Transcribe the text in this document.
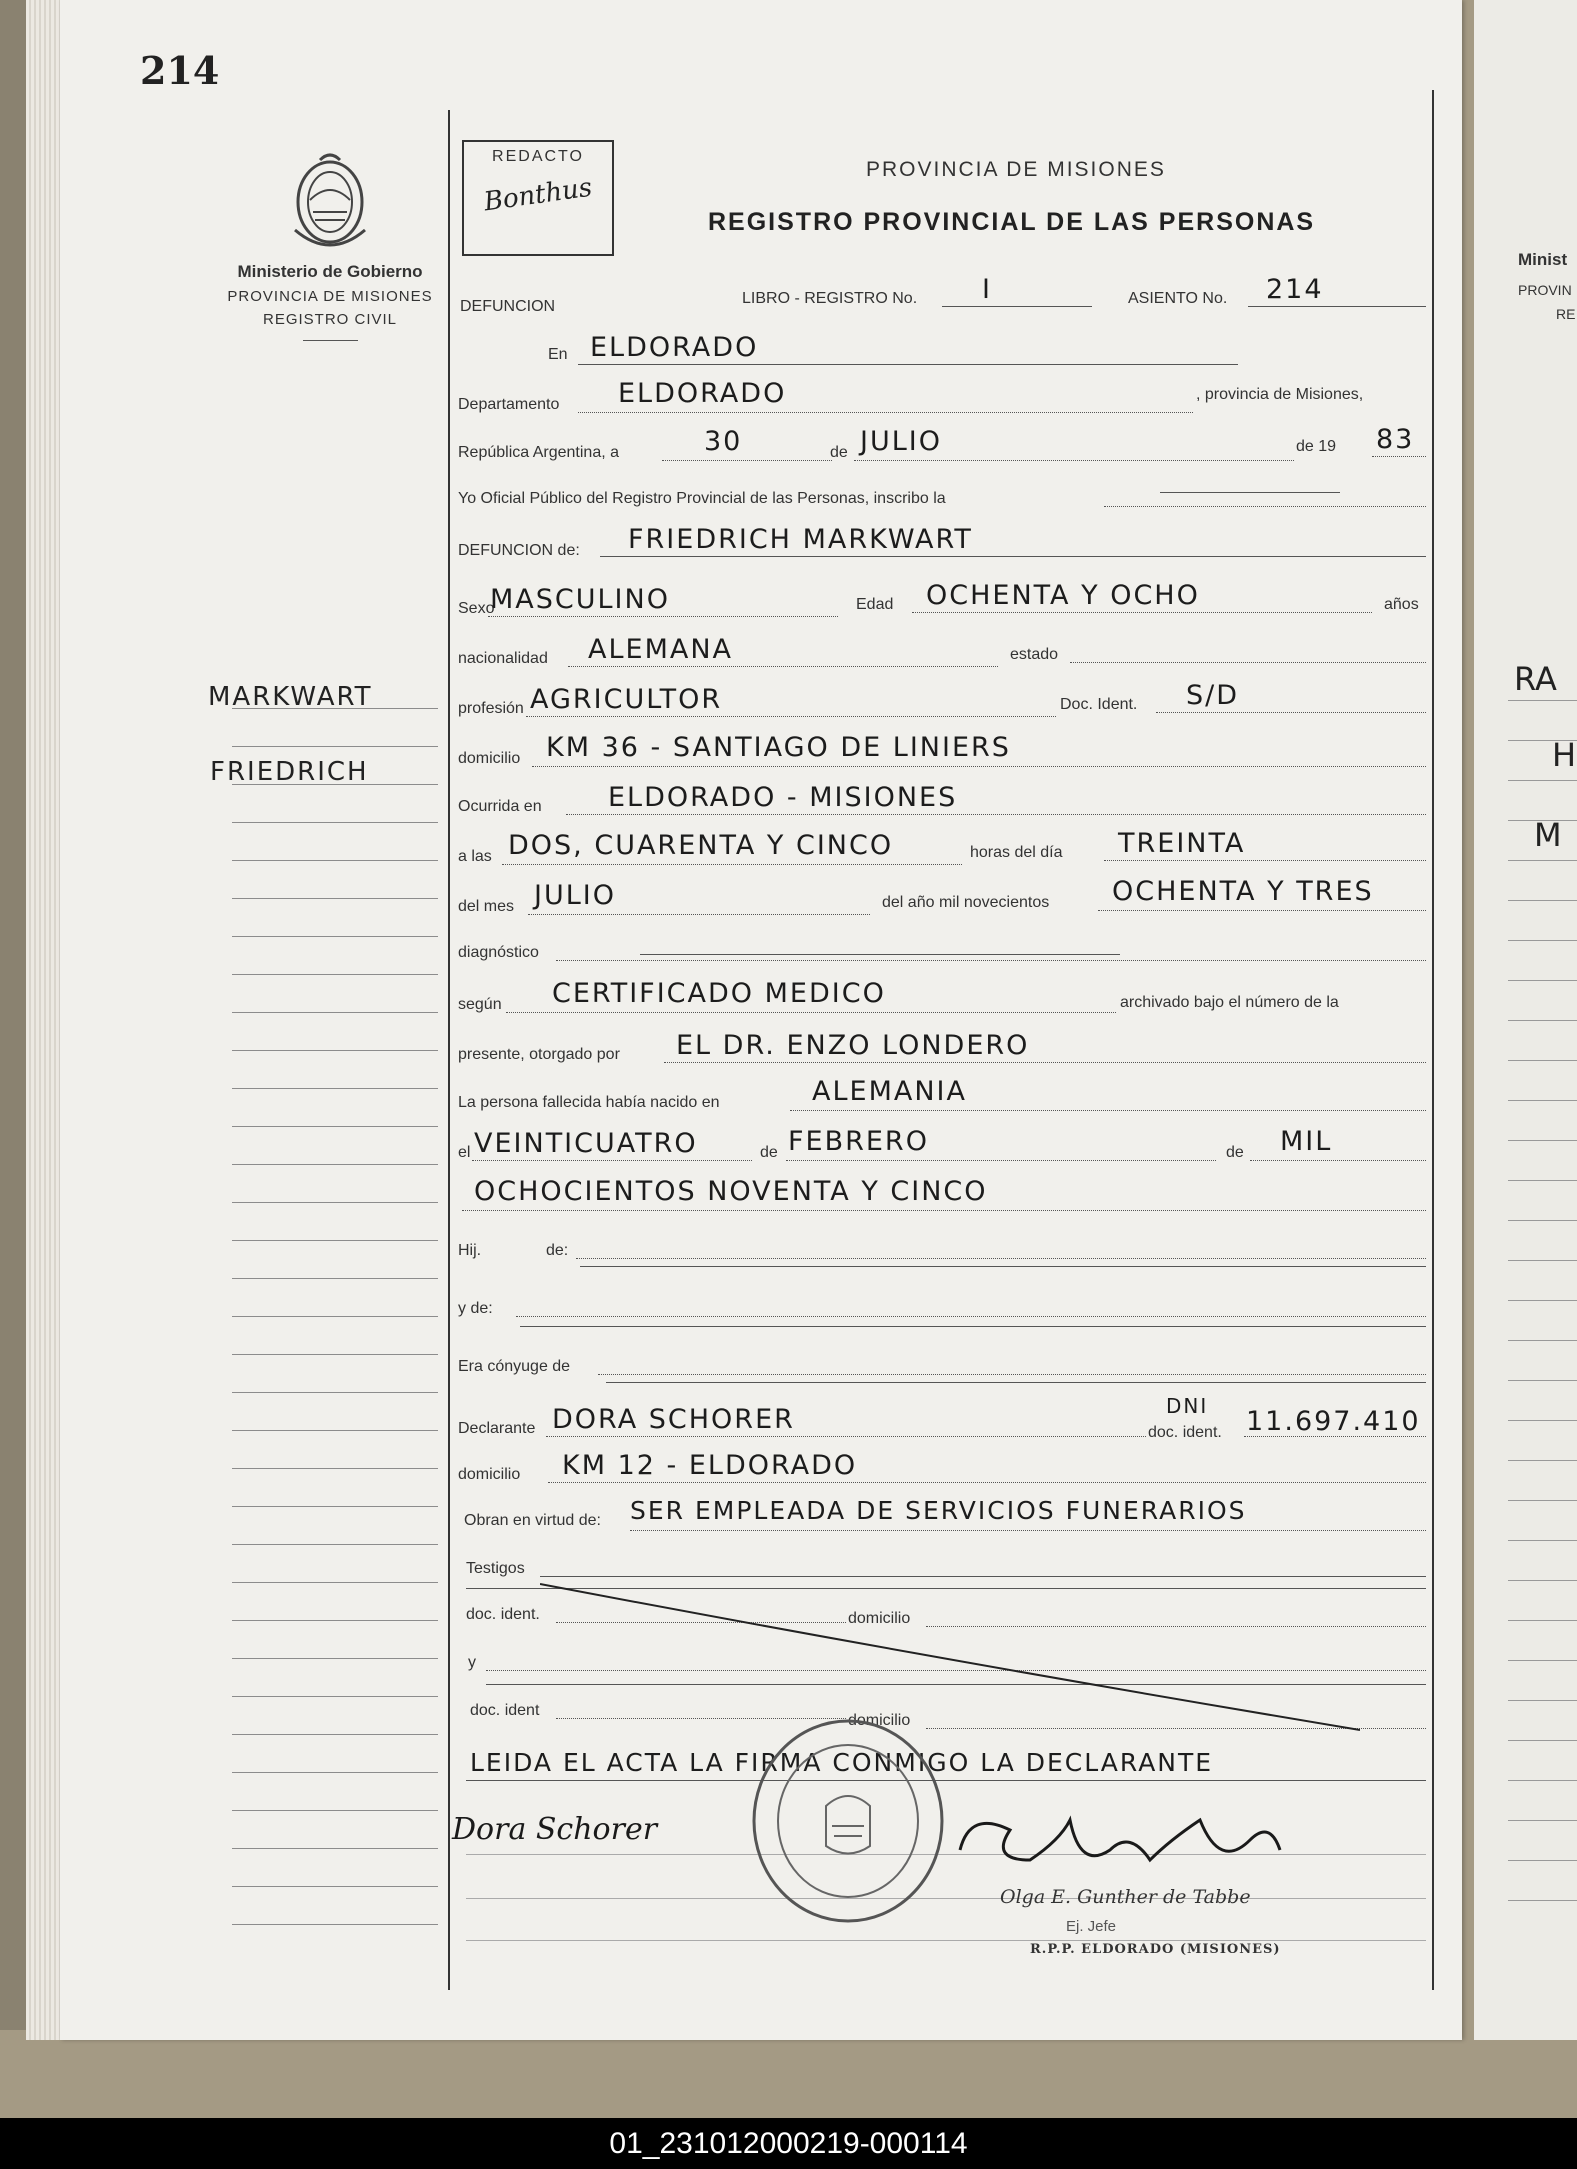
214
Ministerio de Gobierno
PROVINCIA DE MISIONES
REGISTRO CIVIL
MARKWART
FRIEDRICH
REDACTO
Bonthus
PROVINCIA DE MISIONES
REGISTRO PROVINCIAL DE LAS PERSONAS
DEFUNCION	LIBRO - REGISTRO No. I	ASIENTO No. 214
En ELDORADO
Departamento ELDORADO	, provincia de Misiones,
República Argentina, a	30	de JULIO	de 19 83
Yo Oficial Público del Registro Provincial de las Personas, inscribo la
DEFUNCION de: FRIEDRICH MARKWART
Sexo
MASCULINO	Edad OCHENTA Y OCHO	años
nacionalidad ALEMANA	estado
profesión AGRICULTOR	Doc. Ident. S/D
domicilio KM 36 - SANTIAGO DE LINIERS
Ocurrida en ELDORADO - MISIONES
a las DOS, CUARENTA Y CINCO	horas del día TREINTA
del mes JULIO	del año mil novecientos OCHENTA Y TRES
diagnóstico
según CERTIFICADO MEDICO	archivado bajo el número de la
presente, otorgado por EL DR. ENZO LONDERO
La persona fallecida había nacido en	ALEMANIA
el VEINTICUATRO	de FEBRERO	de MIL
OCHOCIENTOS NOVENTA Y CINCO
Hij.	de:
y de:
Era cónyuge de
Declarante DORA SCHORER	DNI
doc. ident. 11.697.410
domicilio KM 12 - ELDORADO
Obran en virtud de: SER EMPLEADA DE SERVICIOS FUNERARIOS
Testigos
doc. ident.	domicilio
y
doc. ident
domicilio
LEIDA EL ACTA LA FIRMA CONMIGO LA DECLARANTE
Dora Schorer
Olga E. Gunther de Tabbe
Ej. Jefe
R.P.P. ELDORADO (MISIONES)
Minist
PROVIN
RE
RA
H
M
01_231012000219-000114
